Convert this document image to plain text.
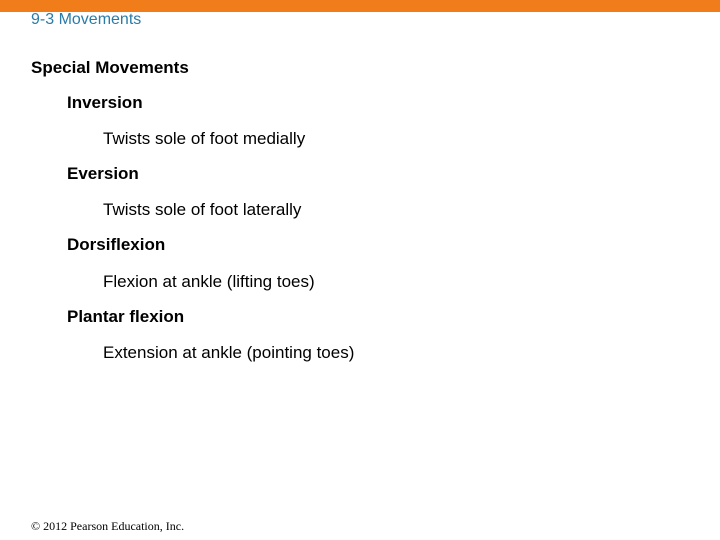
9-3 Movements
Special Movements
Inversion
Twists sole of foot medially
Eversion
Twists sole of foot laterally
Dorsiflexion
Flexion at ankle (lifting toes)
Plantar flexion
Extension at ankle (pointing toes)
© 2012 Pearson Education, Inc.
